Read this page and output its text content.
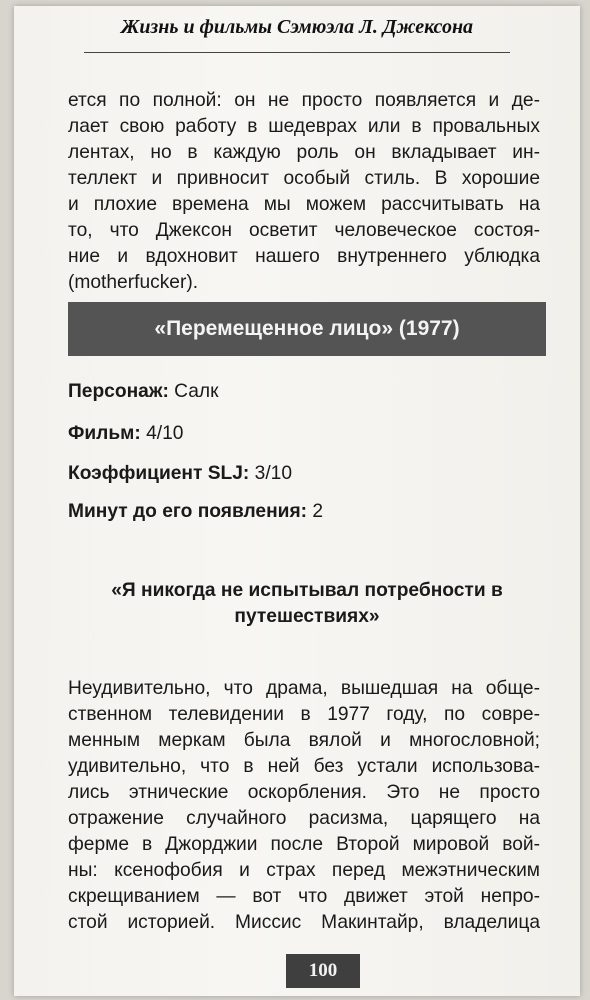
Жизнь и фильмы Сэмюэла Л. Джексона

ется по полной: он не просто появляется и де-
лает свою работу в шедеврах или в провальных
лентах, но в каждую роль он вкладывает ин-
теллект и привносит особый стиль. В хорошие
и плохие времена мы можем рассчитывать на
то, что Джексон осветит человеческое состоя-
ние и вдохновит нашего внутреннего ублюдка
(motherfucker).

«Перемещенное лицо» (1977)
Персонаж: Салк
Фильм: 4/10
Коэффициент SLJ: 3/10
Минут до его появления: 2
«Я никогда не испытывал потребности в
путешествиях»

Неудивительно, что драма, вышедшая на обще-
ственном телевидении в 1977 году, по совре-
менным меркам была вялой и многословной;
удивительно, что в ней без устали использова-
лись этнические оскорбления. Это не просто
отражение случайного расизма, царящего на
ферме в Джорджии после Второй мировой вой-
ны: ксенофобия и страх перед межэтническим
скрещиванием — вот что движет этой непро-
стой историей. Миссис Макинтайр, владелица

100
